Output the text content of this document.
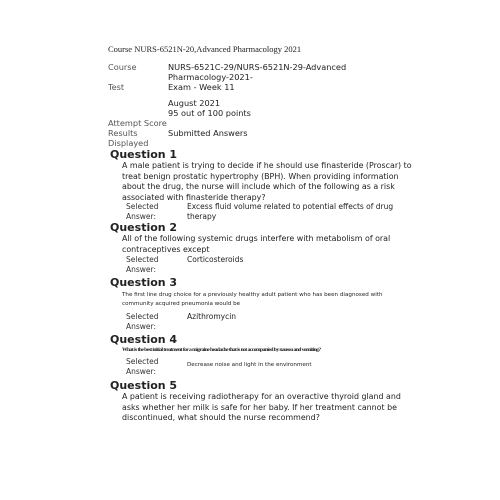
Course NURS-6521N-20,Advanced Pharmacology 2021
Course	NURS-6521C-29/NURS-6521N-29-Advanced Pharmacology-2021-
Test	Exam - Week 11
August 2021
95 out of 100 points
Attempt Score
Results Displayed
Submitted Answers
Question 1
A male patient is trying to decide if he should use finasteride (Proscar) to treat benign prostatic hypertrophy (BPH). When providing information about the drug, the nurse will include which of the following as a risk associated with finasteride therapy?
Selected Answer:
Excess fluid volume related to potential effects of drug therapy
Question 2
All of the following systemic drugs interfere with metabolism of oral contraceptives except
Selected Answer:
Corticosteroids
Question 3
The first line drug choice for a previously healthy adult patient who has been diagnosed with community acquired pneumonia would be
Selected Answer:
Azithromycin
Question 4
What is the best initial treatment for a migraine headache that is not accompanied by nausea and vomiting?
Selected Answer:
Decrease noise and light in the environment
Question 5
A patient is receiving radiotherapy for an overactive thyroid gland and asks whether her milk is safe for her baby. If her treatment cannot be discontinued, what should the nurse recommend?
